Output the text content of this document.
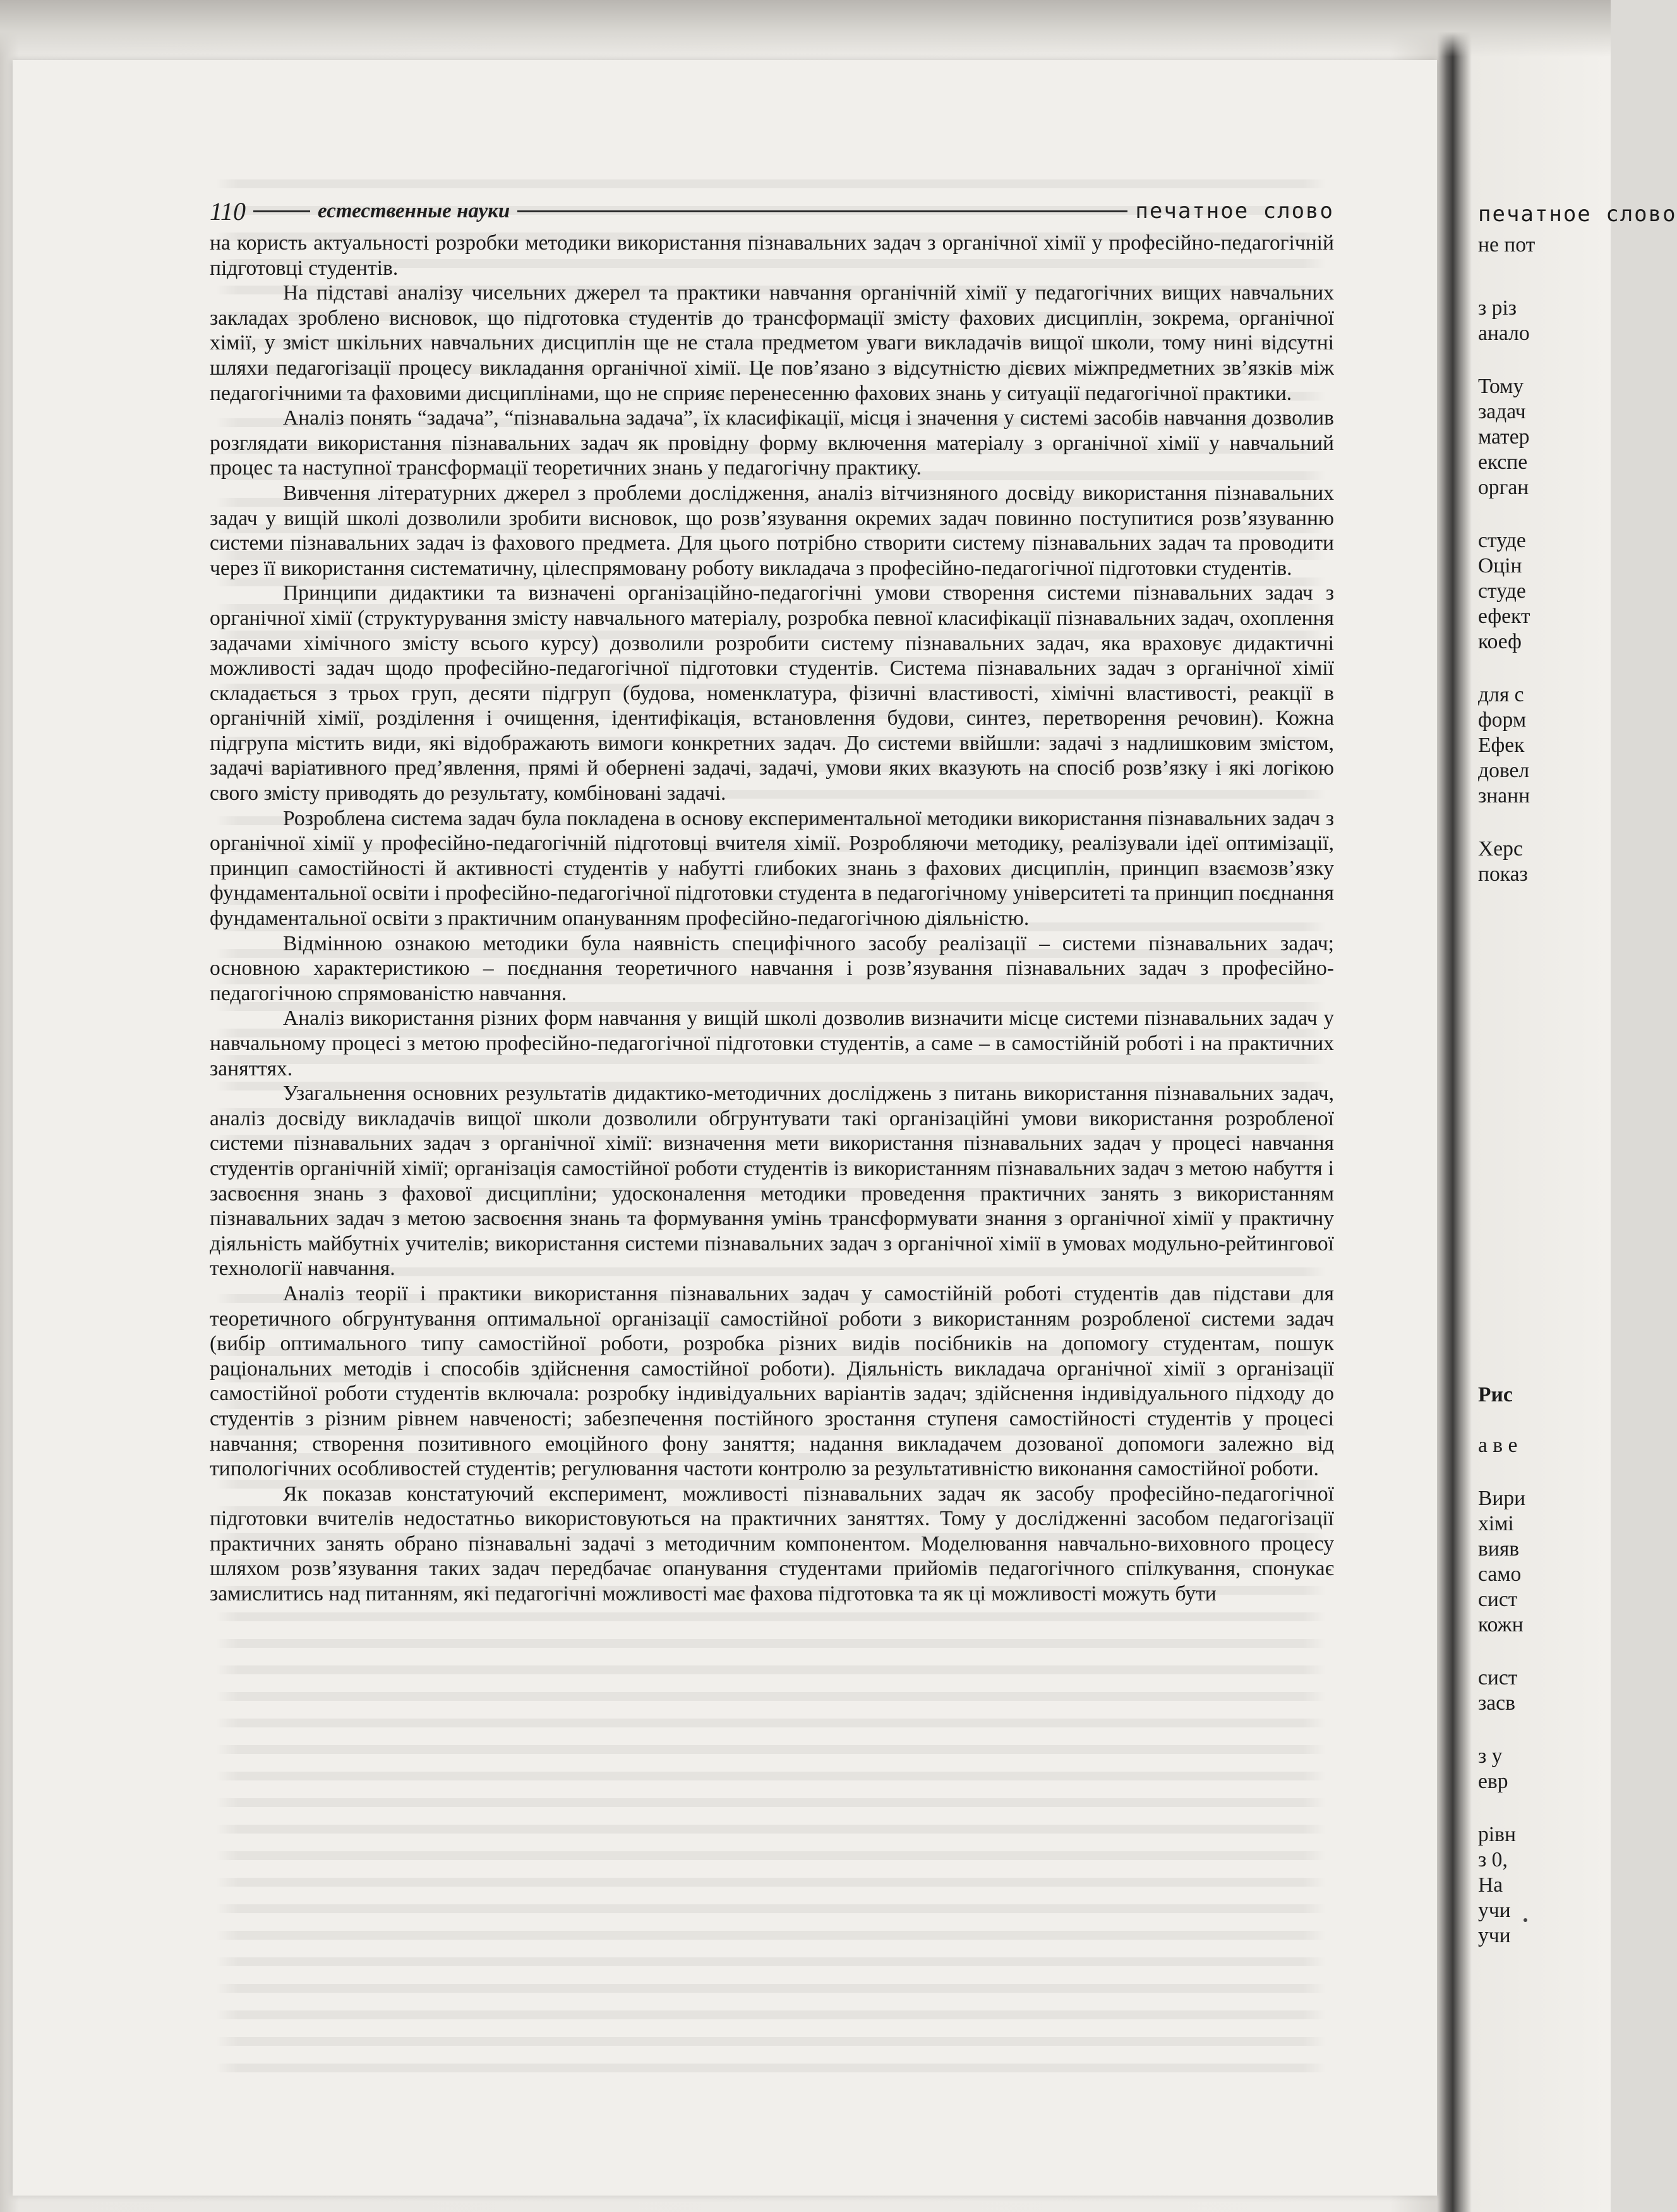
110	естественные науки	печатное слово

на користь актуальності розробки методики використання пізнавальних задач з органічної хімії у професійно-педагогічній підготовці студентів.

На підставі аналізу чисельних джерел та практики навчання органічній хімії у педагогічних вищих навчальних закладах зроблено висновок, що підготовка студентів до трансформації змісту фахових дисциплін, зокрема, органічної хімії, у зміст шкільних навчальних дисциплін ще не стала предметом уваги викладачів вищої школи, тому нині відсутні шляхи педагогізації процесу викладання органічної хімії. Це пов’язано з відсутністю дієвих міжпредметних зв’язків між педагогічними та фаховими дисциплінами, що не сприяє перенесенню фахових знань у ситуації педагогічної практики.

Аналіз понять “задача”, “пізнавальна задача”, їх класифікації, місця і значення у системі засобів навчання дозволив розглядати використання пізнавальних задач як провідну форму включення матеріалу з органічної хімії у навчальний процес та наступної трансформації теоретичних знань у педагогічну практику.

Вивчення літературних джерел з проблеми дослідження, аналіз вітчизняного досвіду використання пізнавальних задач у вищій школі дозволили зробити висновок, що розв’язування окремих задач повинно поступитися розв’язуванню системи пізнавальних задач із фахового предмета. Для цього потрібно створити систему пізнавальних задач та проводити через її використання систематичну, цілеспрямовану роботу викладача з професійно-педагогічної підготовки студентів.

Принципи дидактики та визначені організаційно-педагогічні умови створення системи пізнавальних задач з органічної хімії (структурування змісту навчального матеріалу, розробка певної класифікації пізнавальних задач, охоплення задачами хімічного змісту всього курсу) дозволили розробити систему пізнавальних задач, яка враховує дидактичні можливості задач щодо професійно-педагогічної підготовки студентів. Система пізнавальних задач з органічної хімії складається з трьох груп, десяти підгруп (будова, номенклатура, фізичні властивості, хімічні властивості, реакції в органічній хімії, розділення і очищення, ідентифікація, встановлення будови, синтез, перетворення речовин). Кожна підгрупа містить види, які відображають вимоги конкретних задач. До системи ввійшли: задачі з надлишковим змістом, задачі варіативного пред’явлення, прямі й обернені задачі, задачі, умови яких вказують на спосіб розв’язку і які логікою свого змісту приводять до результату, комбіновані задачі.

Розроблена система задач була покладена в основу експериментальної методики використання пізнавальних задач з органічної хімії у професійно-педагогічній підготовці вчителя хімії. Розробляючи методику, реалізували ідеї оптимізації, принцип самостійності й активності студентів у набутті глибоких знань з фахових дисциплін, принцип взаємозв’язку фундаментальної освіти і професійно-педагогічної підготовки студента в педагогічному університеті та принцип поєднання фундаментальної освіти з практичним опануванням професійно-педагогічною діяльністю.

Відмінною ознакою методики була наявність специфічного засобу реалізації – системи пізнавальних задач; основною характеристикою – поєднання теоретичного навчання і розв’язування пізнавальних задач з професійно-педагогічною спрямованістю навчання.

Аналіз використання різних форм навчання у вищій школі дозволив визначити місце системи пізнавальних задач у навчальному процесі з метою професійно-педагогічної підготовки студентів, а саме – в самостійній роботі і на практичних заняттях.

Узагальнення основних результатів дидактико-методичних досліджень з питань використання пізнавальних задач, аналіз досвіду викладачів вищої школи дозволили обгрунтувати такі організаційні умови використання розробленої системи пізнавальних задач з органічної хімії: визначення мети використання пізнавальних задач у процесі навчання студентів органічній хімії; організація самостійної роботи студентів із використанням пізнавальних задач з метою набуття і засвоєння знань з фахової дисципліни; удосконалення методики проведення практичних занять з використанням пізнавальних задач з метою засвоєння знань та формування умінь трансформувати знання з органічної хімії у практичну діяльність майбутніх учителів; використання системи пізнавальних задач з органічної хімії в умовах модульно-рейтингової технології навчання.

Аналіз теорії і практики використання пізнавальних задач у самостійній роботі студентів дав підстави для теоретичного обгрунтування оптимальної організації самостійної роботи з використанням розробленої системи задач (вибір оптимального типу самостійної роботи, розробка різних видів посібників на допомогу студентам, пошук раціональних методів і способів здійснення самостійної роботи). Діяльність викладача органічної хімії з організації самостійної роботи студентів включала: розробку індивідуальних варіантів задач; здійснення індивідуального підходу до студентів з різним рівнем навченості; забезпечення постійного зростання ступеня самостійності студентів у процесі навчання; створення позитивного емоційного фону заняття; надання викладачем дозованої допомоги залежно від типологічних особливостей студентів; регулювання частоти контролю за результативністю виконання самостійної роботи.

Як показав констатуючий експеримент, можливості пізнавальних задач як засобу професійно-педагогічної підготовки вчителів недостатньо використовуються на практичних заняттях. Тому у дослідженні засобом педагогізації практичних занять обрано пізнавальні задачі з методичним компонентом. Моделювання навчально-виховного процесу шляхом розв’язування таких задач передбачає опанування студентами прийомів педагогічного спілкування, спонукає замислитись над питанням, які педагогічні можливості має фахова підготовка та як ці можливості можуть бути

печатное слово
не пот
з різ
анало
Тому
задач
матер
експе
орган
студе
Оцін
студе
ефект
коеф
для с
форм
Ефек
довел
знанн
Херс
показ
Рис
а в е
Вири
хімі
вияв
само
сист
кожн
сист
засв
з у
евр
рівн
з 0,
На
учи
учи
